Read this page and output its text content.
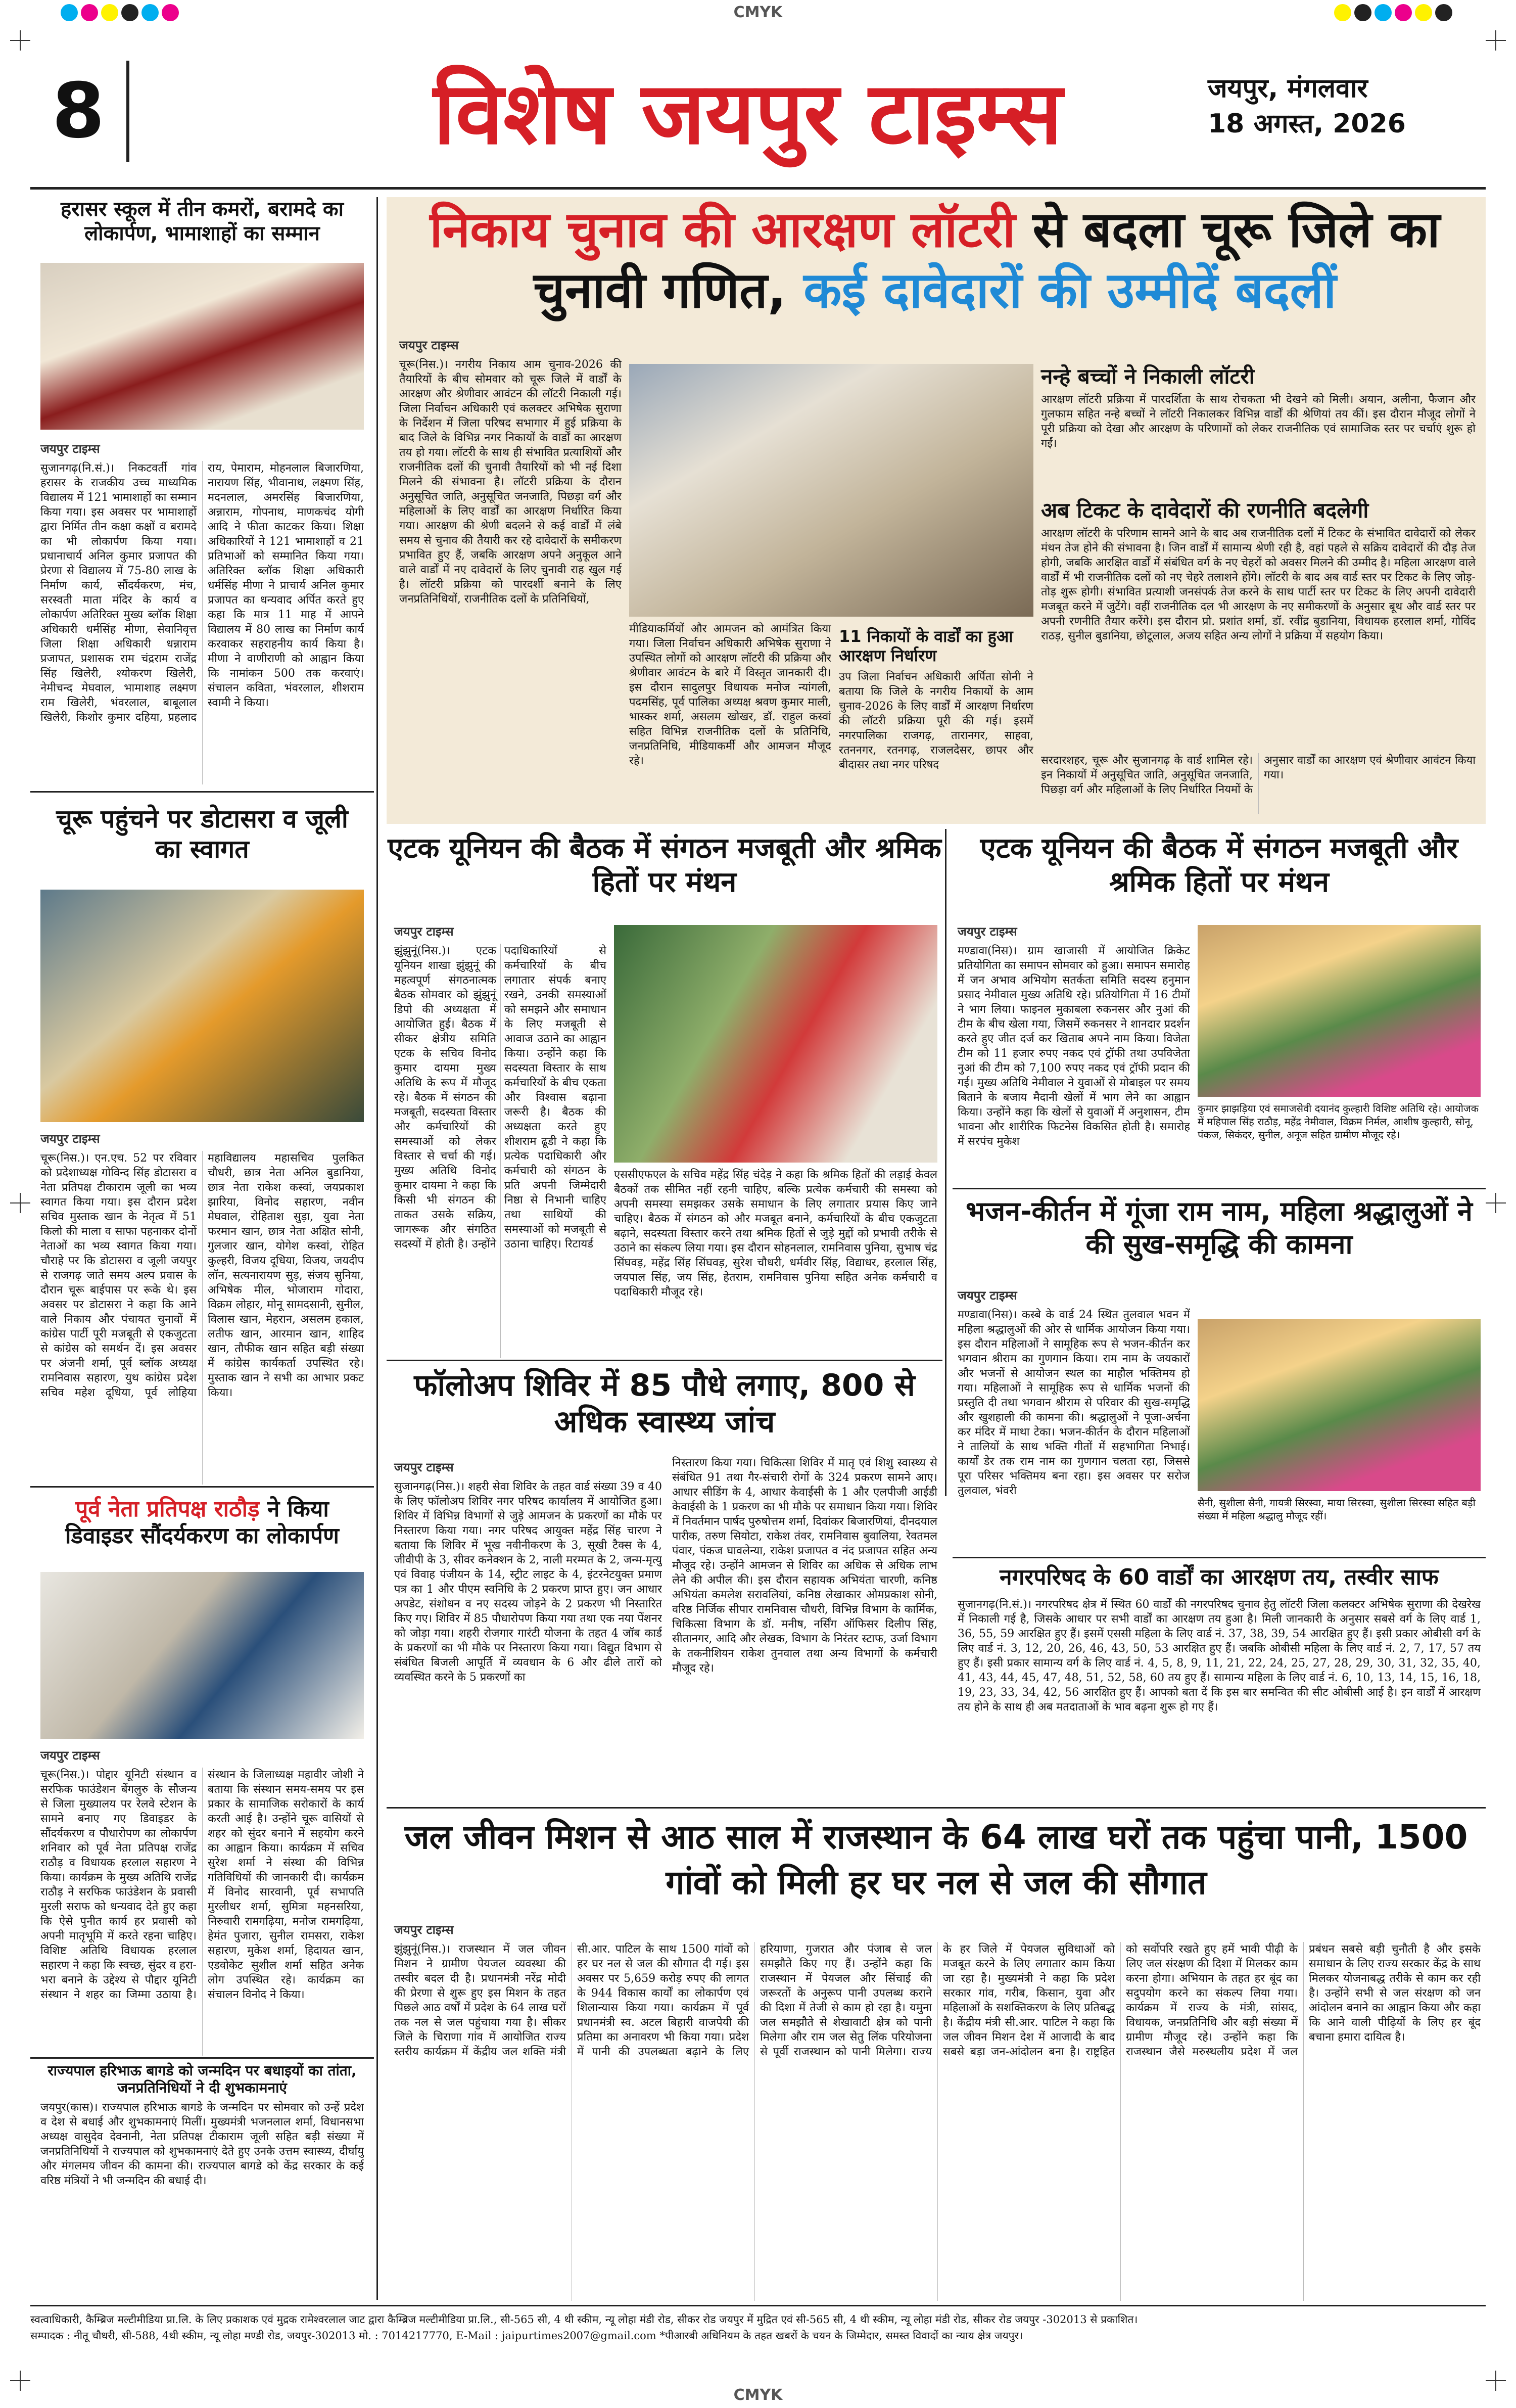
CMYK
8	विशेष जयपुर टाइम्स	जयपुर, मंगलवार
18 अगस्त, 2026
हरासर स्कूल में तीन कमरों, बरामदे का लोकार्पण, भामाशाहों का सम्मान
जयपुर टाइम्स
सुजानगढ़(नि.सं.)। निकटवर्ती गांव हरासर के राजकीय उच्च माध्यमिक विद्यालय में 121 भामाशाहों का सम्मान किया गया। इस अवसर पर भामाशाहों द्वारा निर्मित तीन कक्षा कक्षों व बरामदे का भी लोकार्पण किया गया। प्रधानाचार्य अनिल कुमार प्रजापत की प्रेरणा से विद्यालय में 75-80 लाख के निर्माण कार्य, सौंदर्यकरण, मंच, सरस्वती माता मंदिर के कार्य व लोकार्पण अतिरिक्त मुख्य ब्लॉक शिक्षा अधिकारी धर्मसिंह मीणा, सेवानिवृत्त जिला शिक्षा अधिकारी धन्नाराम प्रजापत, प्रशासक राम चंद्रराम राजेंद्र सिंह खिलेरी, श्योकरण खिलेरी, नेमीचन्द मेघवाल, भामाशाह लक्ष्मण राम खिलेरी, भंवरलाल, बाबूलाल खिलेरी, किशोर कुमार दहिया, प्रहलाद राय, पेमाराम, मोहनलाल बिजारणिया, नारायण सिंह, भीवानाथ, लक्ष्मण सिंह, मदनलाल, अमरसिंह बिजारणिया, अन्नाराम, गोपनाथ, माणकचंद योगी आदि ने फीता काटकर किया। शिक्षा अधिकारियों ने 121 भामाशाहों व 21 प्रतिभाओं को सम्मानित किया गया। अतिरिक्त ब्लॉक शिक्षा अधिकारी धर्मसिंह मीणा ने प्राचार्य अनिल कुमार प्रजापत का धन्यवाद अर्पित करते हुए कहा कि मात्र 11 माह में आपने विद्यालय में 80 लाख का निर्माण कार्य करवाकर सहराहनीय कार्य किया है। मीणा ने वाणीराणी को आह्वान किया कि नामांकन 500 तक करवाएं। संचालन कविता, भंवरलाल, शीशराम स्वामी ने किया।
चूरू पहुंचने पर डोटासरा व जूली का स्वागत
जयपुर टाइम्स
चूरू(निस.)। एन.एच. 52 पर रविवार को प्रदेशाध्यक्ष गोविन्द सिंह डोटासरा व नेता प्रतिपक्ष टीकाराम जूली का भव्य स्वागत किया गया। इस दौरान प्रदेश सचिव मुस्ताक खान के नेतृत्व में 51 किलो की माला व साफा पहनाकर दोनों नेताओं का भव्य स्वागत किया गया। चौराहे पर कि डोटासरा व जूली जयपुर से राजगढ़ जाते समय अल्प प्रवास के दौरान चूरू बाईपास पर रूके थे। इस अवसर पर डोटासरा ने कहा कि आने वाले निकाय और पंचायत चुनावों में कांग्रेस पार्टी पूरी मजबूती से एकजुटता से कांग्रेस को समर्थन दें। इस अवसर पर अंजनी शर्मा, पूर्व ब्लॉक अध्यक्ष रामनिवास सहारण, युथ कांग्रेस प्रदेश सचिव महेश दूधिया, पूर्व लोहिया महाविद्यालय महासचिव पुलकित चौधरी, छात्र नेता अनिल बुडानिया, छात्र नेता राकेश कस्वां, जयप्रकाश झारिया, विनोद सहारण, नवीन मेघवाल, रोहिताश सुड़ा, युवा नेता फरमान खान, छात्र नेता अक्षित सोनी, गुलजार खान, योगेश कस्वां, रोहित कुल्हरी, विजय दूधिया, विजय, जयदीप लॉन, सत्यनारायण सुड़, संजय सुनिया, अभिषेक मील, भोजाराम गोदारा, विक्रम लोहार, मोनू सामदसानी, सुनील, विलास खान, मेहरान, असलम हकाल, लतीफ खान, आरमान खान, शाहिद खान, तौफीक खान सहित बड़ी संख्या में कांग्रेस कार्यकर्ता उपस्थित रहे। मुस्ताक खान ने सभी का आभार प्रकट किया।
पूर्व नेता प्रतिपक्ष राठौड़ ने किया डिवाइडर सौंदर्यकरण का लोकार्पण
जयपुर टाइम्स
चूरू(निस.)। पोद्दार यूनिटी संस्थान व सरफिक फाउंडेशन बेंगलुरु के सौजन्य से जिला मुख्यालय पर रेलवे स्टेशन के सामने बनाए गए डिवाइडर के सौंदर्यकरण व पौधारोपण का लोकार्पण शनिवार को पूर्व नेता प्रतिपक्ष राजेंद्र राठौड़ व विधायक हरलाल सहारण ने किया। कार्यक्रम के मुख्य अतिथि राजेंद्र राठौड़ ने सरफिक फाउंडेशन के प्रवासी मुरली सराफ को धन्यवाद देते हुए कहा कि ऐसे पुनीत कार्य हर प्रवासी को अपनी मातृभूमि में करते रहना चाहिए। विशिष्ट अतिथि विधायक हरलाल सहारण ने कहा कि स्वच्छ, सुंदर व हरा-भरा बनाने के उद्देश्य से पौद्दार यूनिटी संस्थान ने शहर का जिम्मा उठाया है। संस्थान के जिलाध्यक्ष महावीर जोशी ने बताया कि संस्थान समय-समय पर इस प्रकार के सामाजिक सरोकारों के कार्य करती आई है। उन्होंने चूरू वासियों से शहर को सुंदर बनाने में सहयोग करने का आह्वान किया। कार्यक्रम में सचिव सुरेश शर्मा ने संस्था की विभिन्न गतिविधियों की जानकारी दी। कार्यक्रम में विनोद सारवानी, पूर्व सभापति मुरलीधर शर्मा, सुमित्रा महनसरिया, निरुवारी रामगढ़िया, मनोज रामगढ़िया, हेमंत पुजारा, सुनील रामसरा, राकेश सहारण, मुकेश शर्मा, हिदायत खान, एडवोकेट सुशील शर्मा सहित अनेक लोग उपस्थित रहे। कार्यक्रम का संचालन विनोद ने किया।
राज्यपाल हरिभाऊ बागडे को जन्मदिन पर बधाइयों का तांता, जनप्रतिनिधियों ने दी शुभकामनाएं
जयपुर(कास)। राज्यपाल हरिभाऊ बागडे के जन्मदिन पर सोमवार को उन्हें प्रदेश व देश से बधाई और शुभकामनाएं मिलीं। मुख्यमंत्री भजनलाल शर्मा, विधानसभा अध्यक्ष वासुदेव देवनानी, नेता प्रतिपक्ष टीकाराम जूली सहित बड़ी संख्या में जनप्रतिनिधियों ने राज्यपाल को शुभकामनाएं देते हुए उनके उत्तम स्वास्थ्य, दीर्घायु और मंगलमय जीवन की कामना की। राज्यपाल बागडे को केंद्र सरकार के कई वरिष्ठ मंत्रियों ने भी जन्मदिन की बधाई दी।
निकाय चुनाव की आरक्षण लॉटरी से बदला चूरू जिले का चुनावी गणित, कई दावेदारों की उम्मीदें बदलीं
जयपुर टाइम्स
चूरू(निस.)। नगरीय निकाय आम चुनाव-2026 की तैयारियों के बीच सोमवार को चूरू जिले में वार्डों के आरक्षण और श्रेणीवार आवंटन की लॉटरी निकाली गई। जिला निर्वाचन अधिकारी एवं कलक्टर अभिषेक सुराणा के निर्देशन में जिला परिषद सभागार में हुई प्रक्रिया के बाद जिले के विभिन्न नगर निकायों के वार्डों का आरक्षण तय हो गया। लॉटरी के साथ ही संभावित प्रत्याशियों और राजनीतिक दलों की चुनावी तैयारियों को भी नई दिशा मिलने की संभावना है। लॉटरी प्रक्रिया के दौरान अनुसूचित जाति, अनुसूचित जनजाति, पिछड़ा वर्ग और महिलाओं के लिए वार्डों का आरक्षण निर्धारित किया गया। आरक्षण की श्रेणी बदलने से कई वार्डों में लंबे समय से चुनाव की तैयारी कर रहे दावेदारों के समीकरण प्रभावित हुए हैं, जबकि आरक्षण अपने अनुकूल आने वाले वार्डों में नए दावेदारों के लिए चुनावी राह खुल गई है। लॉटरी प्रक्रिया को पारदर्शी बनाने के लिए जनप्रतिनिधियों, राजनीतिक दलों के प्रतिनिधियों,
मीडियाकर्मियों और आमजन को आमंत्रित किया गया। जिला निर्वाचन अधिकारी अभिषेक सुराणा ने उपस्थित लोगों को आरक्षण लॉटरी की प्रक्रिया और श्रेणीवार आवंटन के बारे में विस्तृत जानकारी दी। इस दौरान सादुलपुर विधायक मनोज न्यांगली, पदमसिंह, पूर्व पालिका अध्यक्ष श्रवण कुमार माली, भास्कर शर्मा, असलम खोखर, डॉ. राहुल कस्वां सहित विभिन्न राजनीतिक दलों के प्रतिनिधि, जनप्रतिनिधि, मीडियाकर्मी और आमजन मौजूद रहे।
11 निकायों के वार्डों का हुआ आरक्षण निर्धारण
उप जिला निर्वाचन अधिकारी अर्पिता सोनी ने बताया कि जिले के नगरीय निकायों के आम चुनाव-2026 के लिए वार्डों में आरक्षण निर्धारण की लॉटरी प्रक्रिया पूरी की गई। इसमें नगरपालिका राजगढ़, तारानगर, साहवा, रतननगर, रतनगढ़, राजलदेसर, छापर और बीदासर तथा नगर परिषद
नन्हे बच्चों ने निकाली लॉटरी
आरक्षण लॉटरी प्रक्रिया में पारदर्शिता के साथ रोचकता भी देखने को मिली। अयान, अलीना, फैजान और गुलफाम सहित नन्हे बच्चों ने लॉटरी निकालकर विभिन्न वार्डों की श्रेणियां तय कीं। इस दौरान मौजूद लोगों ने पूरी प्रक्रिया को देखा और आरक्षण के परिणामों को लेकर राजनीतिक एवं सामाजिक स्तर पर चर्चाएं शुरू हो गईं।
अब टिकट के दावेदारों की रणनीति बदलेगी
आरक्षण लॉटरी के परिणाम सामने आने के बाद अब राजनीतिक दलों में टिकट के संभावित दावेदारों को लेकर मंथन तेज होने की संभावना है। जिन वार्डों में सामान्य श्रेणी रही है, वहां पहले से सक्रिय दावेदारों की दौड़ तेज होगी, जबकि आरक्षित वार्डों में संबंधित वर्ग के नए चेहरों को अवसर मिलने की उम्मीद है। महिला आरक्षण वाले वार्डों में भी राजनीतिक दलों को नए चेहरे तलाशने होंगे। लॉटरी के बाद अब वार्ड स्तर पर टिकट के लिए जोड़-तोड़ शुरू होगी। संभावित प्रत्याशी जनसंपर्क तेज करने के साथ पार्टी स्तर पर टिकट के लिए अपनी दावेदारी मजबूत करने में जुटेंगे। वहीं राजनीतिक दल भी आरक्षण के नए समीकरणों के अनुसार बूथ और वार्ड स्तर पर अपनी रणनीति तैयार करेंगे। इस दौरान प्रो. प्रशांत शर्मा, डॉ. रवींद्र बुडानिया, विधायक हरलाल शर्मा, गोविंद राठड़, सुनील बुडानिया, छोटूलाल, अजय सहित अन्य लोगों ने प्रक्रिया में सहयोग किया।
सरदारशहर, चूरू और सुजानगढ़ के वार्ड शामिल रहे। इन निकायों में अनुसूचित जाति, अनुसूचित जनजाति, पिछड़ा वर्ग और महिलाओं के लिए निर्धारित नियमों के अनुसार वार्डों का आरक्षण एवं श्रेणीवार आवंटन किया गया।
एटक यूनियन की बैठक में संगठन मजबूती और श्रमिक हितों पर मंथन
जयपुर टाइम्स
झुंझुनूं(निस.)। एटक यूनियन शाखा झुंझुनूं की महत्वपूर्ण संगठनात्मक बैठक सोमवार को झुंझुनूं डिपो की अध्यक्षता में आयोजित हुई। बैठक में सीकर क्षेत्रीय समिति एटक के सचिव विनोद कुमार दायमा मुख्य अतिथि के रूप में मौजूद रहे। बैठक में संगठन की मजबूती, सदस्यता विस्तार और कर्मचारियों की समस्याओं को लेकर विस्तार से चर्चा की गई। मुख्य अतिथि विनोद कुमार दायमा ने कहा कि किसी भी संगठन की ताकत उसके सक्रिय, जागरूक और संगठित सदस्यों में होती है। उन्होंने पदाधिकारियों से कर्मचारियों के बीच लगातार संपर्क बनाए रखने, उनकी समस्याओं को समझने और समाधान के लिए मजबूती से आवाज उठाने का आह्वान किया। उन्होंने कहा कि सदस्यता विस्तार के साथ कर्मचारियों के बीच एकता और विश्वास बढ़ाना जरूरी है। बैठक की अध्यक्षता करते हुए शीशराम ढूडी ने कहा कि प्रत्येक पदाधिकारी और कर्मचारी को संगठन के प्रति अपनी जिम्मेदारी निष्ठा से निभानी चाहिए तथा साथियों की समस्याओं को मजबूती से उठाना चाहिए। रिटायर्ड
एससीएफएल के सचिव महेंद्र सिंह चंदेड़ ने कहा कि श्रमिक हितों की लड़ाई केवल बैठकों तक सीमित नहीं रहनी चाहिए, बल्कि प्रत्येक कर्मचारी की समस्या को अपनी समस्या समझकर उसके समाधान के लिए लगातार प्रयास किए जाने चाहिए। बैठक में संगठन को और मजबूत बनाने, कर्मचारियों के बीच एकजुटता बढ़ाने, सदस्यता विस्तार करने तथा श्रमिक हितों से जुड़े मुद्दों को प्रभावी तरीके से उठाने का संकल्प लिया गया। इस दौरान सोहनलाल, रामनिवास पुनिया, सुभाष चंद्र सिंघवड़, महेंद्र सिंह सिंघवड़, सुरेश चौधरी, धर्मवीर सिंह, विद्याधर, हरलाल सिंह, जयपाल सिंह, जय सिंह, हेतराम, रामनिवास पुनिया सहित अनेक कर्मचारी व पदाधिकारी मौजूद रहे।
एटक यूनियन की बैठक में संगठन मजबूती और श्रमिक हितों पर मंथन
जयपुर टाइम्स
मण्डावा(निस)। ग्राम खाजासी में आयोजित क्रिकेट प्रतियोगिता का समापन सोमवार को हुआ। समापन समारोह में जन अभाव अभियोग सतर्कता समिति सदस्य हनुमान प्रसाद नेमीवाल मुख्य अतिथि रहे। प्रतियोगिता में 16 टीमों ने भाग लिया। फाइनल मुकाबला रुकनसर और नुआं की टीम के बीच खेला गया, जिसमें रुकनसर ने शानदार प्रदर्शन करते हुए जीत दर्ज कर खिताब अपने नाम किया। विजेता टीम को 11 हजार रुपए नकद एवं ट्रॉफी तथा उपविजेता नुआं की टीम को 7,100 रुपए नकद एवं ट्रॉफी प्रदान की गई। मुख्य अतिथि नेमीवाल ने युवाओं से मोबाइल पर समय बिताने के बजाय मैदानी खेलों में भाग लेने का आह्वान किया। उन्होंने कहा कि खेलों से युवाओं में अनुशासन, टीम भावना और शारीरिक फिटनेस विकसित होती है। समारोह में सरपंच मुकेश
कुमार झाझड़िया एवं समाजसेवी दयानंद कुल्हारी विशिष्ट अतिथि रहे। आयोजक में महिपाल सिंह राठौड़, महेंद्र नेमीवाल, विक्रम निर्मल, आशीष कुल्हारी, सोनू, पंकज, सिकंदर, सुनील, अनूज सहित ग्रामीण मौजूद रहे।
भजन-कीर्तन में गूंजा राम नाम, महिला श्रद्धालुओं ने की सुख-समृद्धि की कामना
जयपुर टाइम्स
मण्डावा(निस)। कस्बे के वार्ड 24 स्थित तुलवाल भवन में महिला श्रद्धालुओं की ओर से धार्मिक आयोजन किया गया। इस दौरान महिलाओं ने सामूहिक रूप से भजन-कीर्तन कर भगवान श्रीराम का गुणगान किया। राम नाम के जयकारों और भजनों से आयोजन स्थल का माहौल भक्तिमय हो गया। महिलाओं ने सामूहिक रूप से धार्मिक भजनों की प्रस्तुति दी तथा भगवान श्रीराम से परिवार की सुख-समृद्धि और खुशहाली की कामना की। श्रद्धालुओं ने पूजा-अर्चना कर मंदिर में माथा टेका। भजन-कीर्तन के दौरान महिलाओं ने तालियों के साथ भक्ति गीतों में सहभागिता निभाई। कार्यों डेर तक राम नाम का गुणगान चलता रहा, जिससे पूरा परिसर भक्तिमय बना रहा। इस अवसर पर सरोज तुलवाल, भंवरी
सैनी, सुशीला सैनी, गायत्री सिरस्वा, माया सिरस्वा, सुशीला सिरस्वा सहित बड़ी संख्या में महिला श्रद्धालु मौजूद रहीं।
नगरपरिषद के 60 वार्डों का आरक्षण तय, तस्वीर साफ
सुजानगढ़(नि.सं.)। नगरपरिषद क्षेत्र में स्थित 60 वार्डों की नगरपरिषद चुनाव हेतु लॉटरी जिला कलक्टर अभिषेक सुराणा की देखरेख में निकाली गई है, जिसके आधार पर सभी वार्डों का आरक्षण तय हुआ है। मिली जानकारी के अनुसार सबसे वर्ग के लिए वार्ड 1, 36, 55, 59 आरक्षित हुए हैं। इसमें एससी महिला के लिए वार्ड नं. 37, 38, 39, 54 आरक्षित हुए हैं। इसी प्रकार ओबीसी वर्ग के लिए वार्ड नं. 3, 12, 20, 26, 46, 43, 50, 53 आरक्षित हुए हैं। जबकि ओबीसी महिला के लिए वार्ड नं. 2, 7, 17, 57 तय हुए हैं। इसी प्रकार सामान्य वर्ग के लिए वार्ड नं. 4, 5, 8, 9, 11, 21, 22, 24, 25, 27, 28, 29, 30, 31, 32, 35, 40, 41, 43, 44, 45, 47, 48, 51, 52, 58, 60 तय हुए हैं। सामान्य महिला के लिए वार्ड नं. 6, 10, 13, 14, 15, 16, 18, 19, 23, 33, 34, 42, 56 आरक्षित हुए हैं। आपको बता दें कि इस बार समन्वित की सीट ओबीसी आई है। इन वार्डों में आरक्षण तय होने के साथ ही अब मतदाताओं के भाव बढ़ना शुरू हो गए हैं।
फॉलोअप शिविर में 85 पौधे लगाए, 800 से अधिक स्वास्थ्य जांच
जयपुर टाइम्स
सुजानगढ़(निस.)। शहरी सेवा शिविर के तहत वार्ड संख्या 39 व 40 के लिए फॉलोअप शिविर नगर परिषद कार्यालय में आयोजित हुआ। शिविर में विभिन्न विभागों से जुड़े आमजन के प्रकरणों का मौके पर निस्तारण किया गया। नगर परिषद आयुक्त महेंद्र सिंह चारण ने बताया कि शिविर में भूख नवीनीकरण के 3, सूखी टैक्स के 4, जीवीपी के 3, सीवर कनेक्शन के 2, नाली मरम्मत के 2, जन्म-मृत्यु एवं विवाह पंजीयन के 14, स्ट्रीट लाइट के 4, इंटरनेटयुक्त प्रमाण पत्र का 1 और पीएम स्वनिधि के 2 प्रकरण प्राप्त हुए। जन आधार अपडेट, संशोधन व नए सदस्य जोड़ने के 2 प्रकरण भी निस्तारित किए गए। शिविर में 85 पौधारोपण किया गया तथा एक नया पेंशनर को जोड़ा गया। शहरी रोजगार गारंटी योजना के तहत 4 जॉब कार्ड के प्रकरणों का भी मौके पर निस्तारण किया गया। विद्युत विभाग से संबंधित बिजली आपूर्ति में व्यवधान के 6 और ढीले तारों को व्यवस्थित करने के 5 प्रकरणों का
निस्तारण किया गया। चिकित्सा शिविर में मातृ एवं शिशु स्वास्थ्य से संबंधित 91 तथा गैर-संचारी रोगों के 324 प्रकरण सामने आए। आधार सीडिंग के 4, आधार केवाईसी के 1 और एलपीजी आईडी केवाईसी के 1 प्रकरण का भी मौके पर समाधान किया गया। शिविर में निवर्तमान पार्षद पुरुषोत्तम शर्मा, दिवांकर बिजारणियां, दीनदयाल पारीक, तरुण सियोटा, राकेश तंवर, रामनिवास बुवालिया, रेवतमल पंवार, पंकज घावलेन्या, राकेश प्रजापत व नंद प्रजापत सहित अन्य मौजूद रहे। उन्होंने आमजन से शिविर का अधिक से अधिक लाभ लेने की अपील की। इस दौरान सहायक अभियंता चारणी, कनिष्ठ अभियंता कमलेश सरावलियां, कनिष्ठ लेखाकार ओमप्रकाश सोनी, वरिष्ठ निर्जिक सीपार रामनिवास चौधरी, विभिन्न विभाग के कार्मिक, चिकित्सा विभाग के डॉ. मनीष, नर्सिंग ऑफिसर दिलीप सिंह, सीतानगर, आदि और लेखक, विभाग के निरंतर स्टाफ, उर्जा विभाग के तकनीशियन राकेश तुनवाल तथा अन्य विभागों के कर्मचारी मौजूद रहे।
जल जीवन मिशन से आठ साल में राजस्थान के 64 लाख घरों तक पहुंचा पानी, 1500 गांवों को मिली हर घर नल से जल की सौगात
जयपुर टाइम्स
झुंझुनूं(निस.)। राजस्थान में जल जीवन मिशन ने ग्रामीण पेयजल व्यवस्था की तस्वीर बदल दी है। प्रधानमंत्री नरेंद्र मोदी की प्रेरणा से शुरू हुए इस मिशन के तहत पिछले आठ वर्षों में प्रदेश के 64 लाख घरों तक नल से जल पहुंचाया गया है। सीकर जिले के चिराणा गांव में आयोजित राज्य स्तरीय कार्यक्रम में केंद्रीय जल शक्ति मंत्री सी.आर. पाटिल के साथ 1500 गांवों को हर घर नल से जल की सौगात दी गई। इस अवसर पर 5,659 करोड़ रुपए की लागत के 944 विकास कार्यों का लोकार्पण एवं शिलान्यास किया गया। कार्यक्रम में पूर्व प्रधानमंत्री स्व. अटल बिहारी वाजपेयी की प्रतिमा का अनावरण भी किया गया। प्रदेश में पानी की उपलब्धता बढ़ाने के लिए हरियाणा, गुजरात और पंजाब से जल समझौते किए गए हैं। उन्होंने कहा कि राजस्थान में पेयजल और सिंचाई की जरूरतों के अनुरूप पानी उपलब्ध कराने की दिशा में तेजी से काम हो रहा है। यमुना जल समझौते से शेखावाटी क्षेत्र को पानी मिलेगा और राम जल सेतु लिंक परियोजना से पूर्वी राजस्थान को पानी मिलेगा। राज्य के हर जिले में पेयजल सुविधाओं को मजबूत करने के लिए लगातार काम किया जा रहा है। मुख्यमंत्री ने कहा कि प्रदेश सरकार गांव, गरीब, किसान, युवा और महिलाओं के सशक्तिकरण के लिए प्रतिबद्ध है। केंद्रीय मंत्री सी.आर. पाटिल ने कहा कि जल जीवन मिशन देश में आजादी के बाद सबसे बड़ा जन-आंदोलन बना है। राष्ट्रहित को सर्वोपरि रखते हुए हमें भावी पीढ़ी के लिए जल संरक्षण की दिशा में मिलकर काम करना होगा। अभियान के तहत हर बूंद का सदुपयोग करने का संकल्प लिया गया। कार्यक्रम में राज्य के मंत्री, सांसद, विधायक, जनप्रतिनिधि और बड़ी संख्या में ग्रामीण मौजूद रहे। उन्होंने कहा कि राजस्थान जैसे मरुस्थलीय प्रदेश में जल प्रबंधन सबसे बड़ी चुनौती है और इसके समाधान के लिए राज्य सरकार केंद्र के साथ मिलकर योजनाबद्ध तरीके से काम कर रही है। उन्होंने सभी से जल संरक्षण को जन आंदोलन बनाने का आह्वान किया और कहा कि आने वाली पीढ़ियों के लिए हर बूंद बचाना हमारा दायित्व है।
स्वत्वाधिकारी, कैम्ब्रिज मल्टीमीडिया प्रा.लि. के लिए प्रकाशक एवं मुद्रक रामेश्वरलाल जाट द्वारा कैम्ब्रिज मल्टीमीडिया प्रा.लि., सी-565 सी, 4 थी स्कीम, न्यू लोहा मंडी रोड, सीकर रोड जयपुर में मुद्रित एवं सी-565 सी, 4 थी स्कीम, न्यू लोहा मंडी रोड, सीकर रोड जयपुर -302013 से प्रकाशित।
सम्पादक : नीतू चौधरी, सी-588, 4थी स्कीम, न्यू लोहा मण्डी रोड, जयपुर-302013 मो. : 7014217770, E-Mail : jaipurtimes2007@gmail.com *पीआरबी अधिनियम के तहत खबरों के चयन के जिम्मेदार, समस्त विवादों का न्याय क्षेत्र जयपुर।
CMYK
